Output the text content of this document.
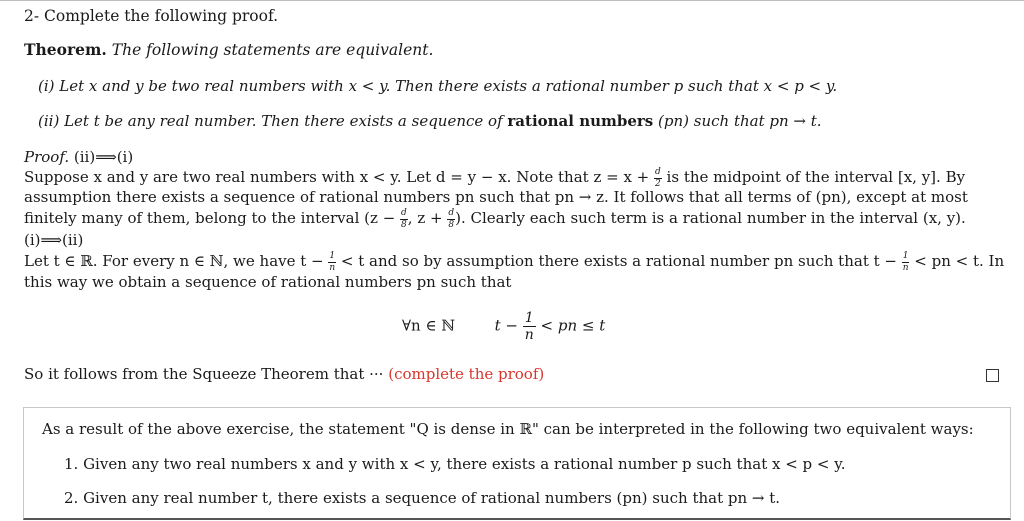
2- Complete the following proof.
Theorem. The following statements are equivalent.
(i) Let x and y be two real numbers with x < y. Then there exists a rational number p such that x < p < y.
(ii) Let t be any real number. Then there exists a sequence of rational numbers (pn) such that pn → t.
Proof. (ii)⟹(i)
Suppose x and y are two real numbers with x < y. Let d = y − x. Note that $z = x + \frac{d}{2}$ is the midpoint of the interval [x, y]. By
assumption there exists a sequence of rational numbers pn such that pn → z. It follows that all terms of (pn), except at most
finitely many of them, belong to the interval ($z - \frac{d}{8}$ , $z + \frac{d}{8}$ ). Clearly each such term is a rational number in the interval (x, y).
(i)⟹(ii)
Let t ∈ ℝ. For every n ∈ ℕ, we have $t - \frac{1}{n} < t$ and so by assumption there exists a rational number pn such that $t - \frac{1}{n}$ < pn < t. In
this way we obtain a sequence of rational numbers pn such that
∀n ∈ ℕ	$t - \frac{1}{n}$ < pn ≤ t
So it follows from the Squeeze Theorem that ··· (complete the proof)
As a result of the above exercise, the statement "Q is dense in ℝ" can be interpreted in the following two equivalent ways:
1. Given any two real numbers x and y with x < y, there exists a rational number p such that x < p < y.
2. Given any real number t, there exists a sequence of rational numbers (pn) such that pn → t.
